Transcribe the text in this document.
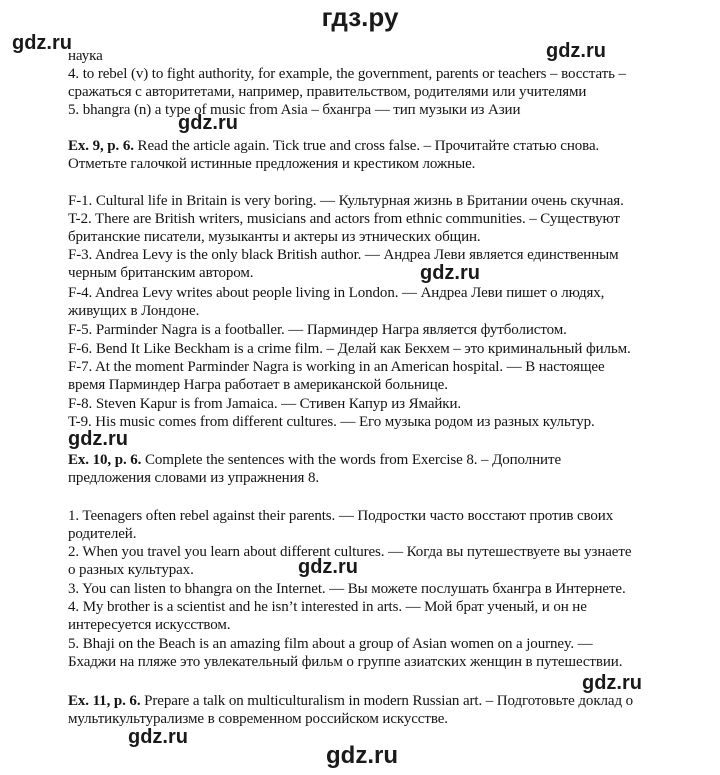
гдз.ру
gdz.ru	gdz.ru
gdz.ru
gdz.ru
gdz.ru
gdz.ru
gdz.ru
gdz.ru
gdz.ru
наука
4. to rebel (v) to fight authority, for example, the government, parents or teachers – восстать –
сражаться с авторитетами, например, правительством, родителями или учителями
5. bhangra (n) a type of music from Asia – бхангра — тип музыки из Азии
Ex. 9, p. 6. Read the article again. Tick true and cross false. – Прочитайте статью снова.
Отметьте галочкой истинные предложения и крестиком ложные.
F-1. Cultural life in Britain is very boring. — Культурная жизнь в Британии очень скучная.
T-2. There are British writers, musicians and actors from ethnic communities. – Существуют
британские писатели, музыканты и актеры из этнических общин.
F-3. Andrea Levy is the only black British author. — Андреа Леви является единственным
черным британским автором.
F-4. Andrea Levy writes about people living in London. — Андреа Леви пишет о людях,
живущих в Лондоне.
F-5. Parminder Nagra is a footballer. — Парминдер Награ является футболистом.
F-6. Bend It Like Beckham is a crime film. – Делай как Бекхем – это криминальный фильм.
F-7. At the moment Parminder Nagra is working in an American hospital. — В настоящее
время Парминдер Награ работает в американской больнице.
F-8. Steven Kapur is from Jamaica. — Стивен Капур из Ямайки.
T-9. His music comes from different cultures. — Его музыка родом из разных культур.
Ex. 10, p. 6. Complete the sentences with the words from Exercise 8. – Дополните
предложения словами из упражнения 8.
1. Teenagers often rebel against their parents. — Подростки часто восстают против своих
родителей.
2. When you travel you learn about different cultures. — Когда вы путешествуете вы узнаете
о разных культурах.
3. You can listen to bhangra on the Internet. — Вы можете послушать бхангра в Интернете.
4. My brother is a scientist and he isn’t interested in arts. — Мой брат ученый, и он не
интересуется искусством.
5. Bhaji on the Beach is an amazing film about a group of Asian women on a journey. —
Бхаджи на пляже это увлекательный фильм о группе азиатских женщин в путешествии.
Ex. 11, p. 6. Prepare a talk on multiculturalism in modern Russian art. – Подготовьте доклад о
мультикультурализме в современном российском искусстве.
